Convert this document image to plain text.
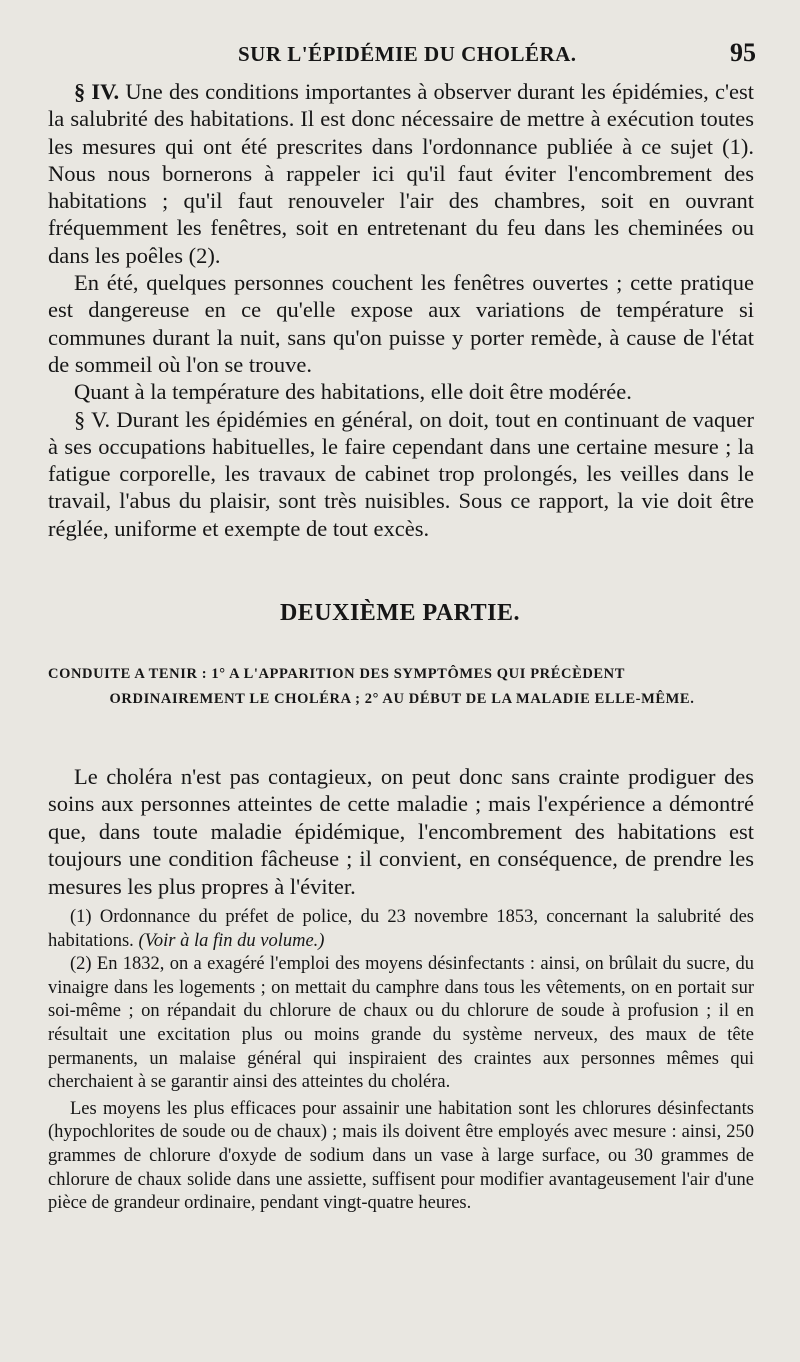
SUR L'ÉPIDÉMIE DU CHOLÉRA.	95

§ IV. Une des conditions importantes à observer durant les épidémies, c'est la salubrité des habitations. Il est donc nécessaire de mettre à exécution toutes les mesures qui ont été prescrites dans l'ordonnance publiée à ce sujet (1). Nous nous bornerons à rappeler ici qu'il faut éviter l'encombrement des habitations ; qu'il faut renouveler l'air des chambres, soit en ouvrant fréquemment les fenêtres, soit en entretenant du feu dans les cheminées ou dans les poêles (2).

En été, quelques personnes couchent les fenêtres ouvertes ; cette pratique est dangereuse en ce qu'elle expose aux variations de température si communes durant la nuit, sans qu'on puisse y porter remède, à cause de l'état de sommeil où l'on se trouve.

Quant à la température des habitations, elle doit être modérée.

§ V. Durant les épidémies en général, on doit, tout en continuant de vaquer à ses occupations habituelles, le faire cependant dans une certaine mesure ; la fatigue corporelle, les travaux de cabinet trop prolongés, les veilles dans le travail, l'abus du plaisir, sont très nuisibles. Sous ce rapport, la vie doit être réglée, uniforme et exempte de tout excès.

DEUXIÈME PARTIE.
CONDUITE A TENIR : 1° A L'APPARITION DES SYMPTÔMES QUI PRÉCÈDENT
ORDINAIREMENT LE CHOLÉRA ; 2° AU DÉBUT DE LA MALADIE ELLE-MÊME.

Le choléra n'est pas contagieux, on peut donc sans crainte prodiguer des soins aux personnes atteintes de cette maladie ; mais l'expérience a démontré que, dans toute maladie épidémique, l'encombrement des habitations est toujours une condition fâcheuse ; il convient, en conséquence, de prendre les mesures les plus propres à l'éviter.

(1) Ordonnance du préfet de police, du 23 novembre 1853, concernant la salubrité des habitations. (Voir à la fin du volume.)

(2) En 1832, on a exagéré l'emploi des moyens désinfectants : ainsi, on brûlait du sucre, du vinaigre dans les logements ; on mettait du camphre dans tous les vêtements, on en portait sur soi-même ; on répandait du chlorure de chaux ou du chlorure de soude à profusion ; il en résultait une excitation plus ou moins grande du système nerveux, des maux de tête permanents, un malaise général qui inspiraient des craintes aux personnes mêmes qui cherchaient à se garantir ainsi des atteintes du choléra.

Les moyens les plus efficaces pour assainir une habitation sont les chlorures désinfectants (hypochlorites de soude ou de chaux) ; mais ils doivent être employés avec mesure : ainsi, 250 grammes de chlorure d'oxyde de sodium dans un vase à large surface, ou 30 grammes de chlorure de chaux solide dans une assiette, suffisent pour modifier avantageusement l'air d'une pièce de grandeur ordinaire, pendant vingt-quatre heures.
